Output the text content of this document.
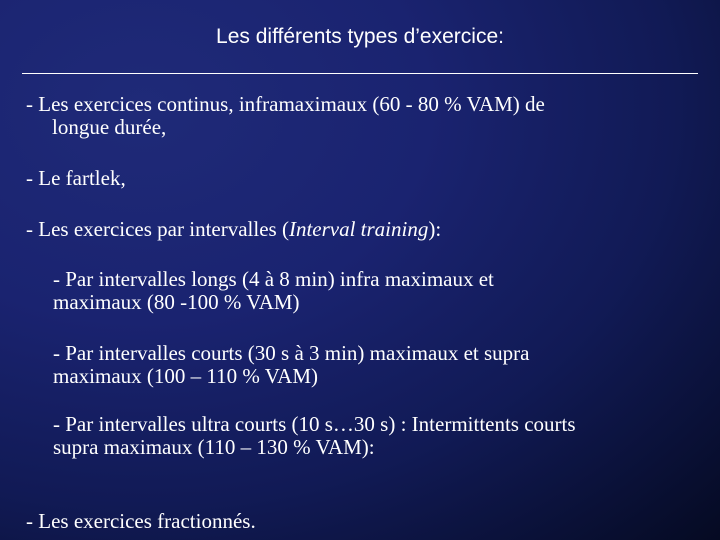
Les différents types d’exercice:
- Les exercices continus, inframaximaux (60 - 80 % VAM) de
longue durée,
- Le fartlek,
- Les exercices par intervalles (Interval training):
- Par intervalles longs (4 à 8 min) infra maximaux et
maximaux (80 -100 % VAM)
- Par intervalles courts (30 s à 3 min) maximaux et supra
maximaux (100 – 110 % VAM)
- Par intervalles ultra courts (10 s…30 s) : Intermittents courts
supra maximaux (110 – 130 % VAM):
- Les exercices fractionnés.
